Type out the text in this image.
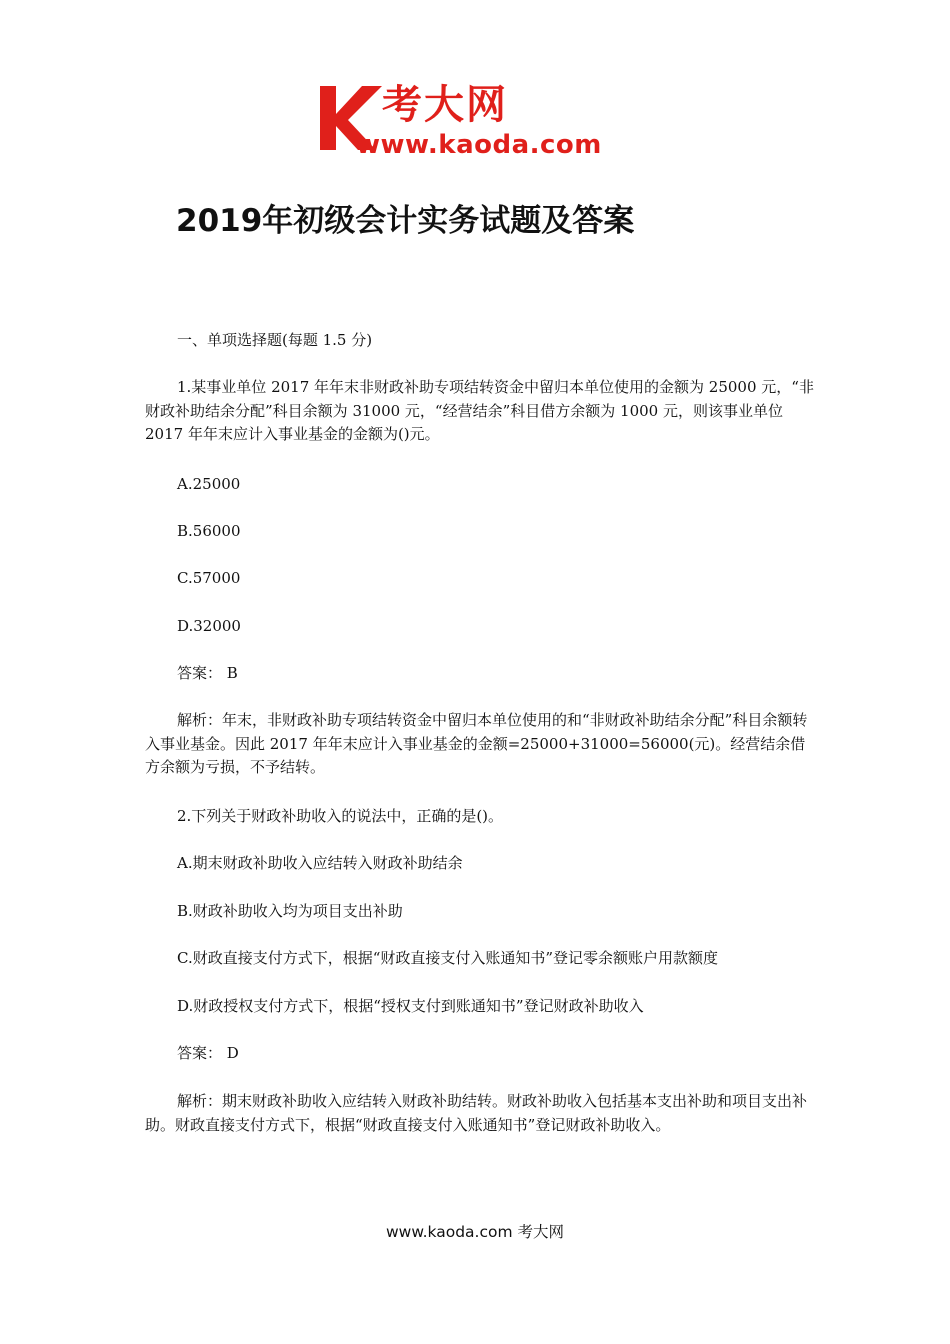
考大网
www.kaoda.com
2019年初级会计实务试题及答案

一、单项选择题(每题 1.5 分)

1.某事业单位 2017 年年末非财政补助专项结转资金中留归本单位使用的金额为 25000 元，“非财政补助结余分配”科目余额为 31000 元，“经营结余”科目借方余额为 1000 元，则该事业单位 2017 年年末应计入事业基金的金额为()元。

A.25000

B.56000

C.57000

D.32000

答案： B

解析：年末，非财政补助专项结转资金中留归本单位使用的和“非财政补助结余分配”科目余额转入事业基金。因此 2017 年年末应计入事业基金的金额=25000+31000=56000(元)。经营结余借方余额为亏损，不予结转。

2.下列关于财政补助收入的说法中，正确的是()。

A.期末财政补助收入应结转入财政补助结余

B.财政补助收入均为项目支出补助

C.财政直接支付方式下，根据“财政直接支付入账通知书”登记零余额账户用款额度

D.财政授权支付方式下，根据“授权支付到账通知书”登记财政补助收入

答案： D

解析：期末财政补助收入应结转入财政补助结转。财政补助收入包括基本支出补助和项目支出补助。财政直接支付方式下，根据“财政直接支付入账通知书”登记财政补助收入。

www.kaoda.com 考大网
